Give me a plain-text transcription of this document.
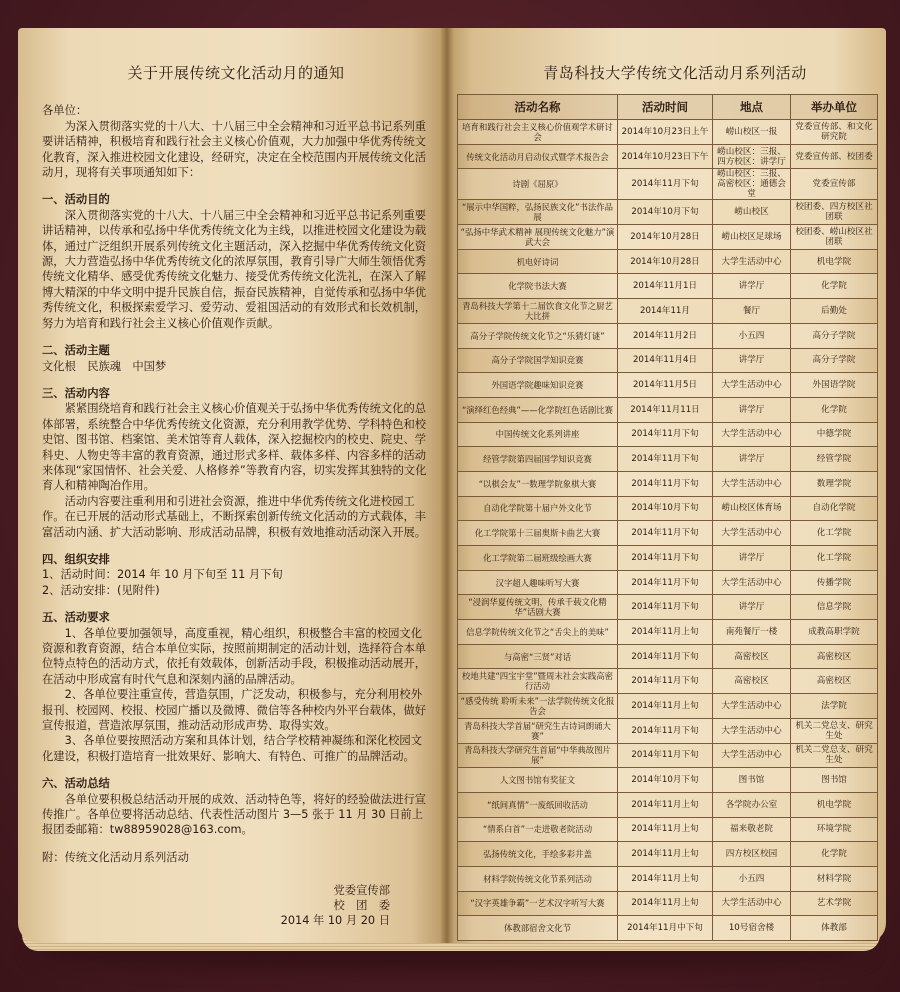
关于开展传统文化活动月的通知

各单位：

为深入贯彻落实党的十八大、十八届三中全会精神和习近平总书记系列重要讲话精神，积极培育和践行社会主义核心价值观，大力加强中华优秀传统文化教育，深入推进校园文化建设，经研究，决定在全校范围内开展传统文化活动月，现将有关事项通知如下：

一、活动目的

深入贯彻落实党的十八大、十八届三中全会精神和习近平总书记系列重要讲话精神，以传承和弘扬中华优秀传统文化为主线，以推进校园文化建设为载体，通过广泛组织开展系列传统文化主题活动，深入挖掘中华优秀传统文化资源，大力营造弘扬中华优秀传统文化的浓厚氛围，教育引导广大师生领悟优秀传统文化精华、感受优秀传统文化魅力、接受优秀传统文化洗礼，在深入了解博大精深的中华文明中提升民族自信，振奋民族精神，自觉传承和弘扬中华优秀传统文化，积极探索爱学习、爱劳动、爱祖国活动的有效形式和长效机制，努力为培育和践行社会主义核心价值观作贡献。

二、活动主题

文化根　民族魂　中国梦

三、活动内容

紧紧围绕培育和践行社会主义核心价值观关于弘扬中华优秀传统文化的总体部署，系统整合中华优秀传统文化资源，充分利用教学优势、学科特色和校史馆、图书馆、档案馆、美术馆等育人载体，深入挖掘校内的校史、院史、学科史、人物史等丰富的教育资源，通过形式多样、载体多样、内容多样的活动来体现“家国情怀、社会关爱、人格修养”等教育内容，切实发挥其独特的文化育人和精神陶冶作用。

活动内容要注重利用和引进社会资源，推进中华优秀传统文化进校园工作。在已开展的活动形式基础上，不断探索创新传统文化活动的方式载体，丰富活动内涵、扩大活动影响、形成活动品牌，积极有效地推动活动深入开展。

四、组织安排

1、活动时间：2014 年 10 月下旬至 11 月下旬

2、活动安排：(见附件)

五、活动要求

1、各单位要加强领导，高度重视，精心组织，积极整合丰富的校园文化资源和教育资源，结合本单位实际，按照前期制定的活动计划，选择符合本单位特点特色的活动方式，依托有效载体，创新活动手段，积极推动活动展开，在活动中形成富有时代气息和深刻内涵的品牌活动。

2、各单位要注重宣传，营造氛围，广泛发动，积极参与，充分利用校外报刊、校园网、校报、校园广播以及微博、微信等各种校内外平台载体，做好宣传报道，营造浓厚氛围，推动活动形成声势、取得实效。

3、各单位要按照活动方案和具体计划，结合学校精神凝练和深化校园文化建设，积极打造培育一批效果好、影响大、有特色、可推广的品牌活动。

六、活动总结

各单位要积极总结活动开展的成效、活动特色等，将好的经验做法进行宣传推广。各单位要将活动总结、代表性活动图片 3—5 张于 11 月 30 日前上报团委邮箱：tw88959028@163.com。

附：传统文化活动月系列活动

党委宣传部
校　团　委
2014 年 10 月 20 日
青岛科技大学传统文化活动月系列活动
活动名称	活动时间	地点	举办单位
培育和践行社会主义核心价值观学术研讨会	2014年10月23日上午	崂山校区一报	党委宣传部、和文化研究院
传统文化活动月启动仪式暨学术报告会	2014年10月23日下午	崂山校区：三报、四方校区：讲学厅	党委宣传部、校团委
诗剧《屈原》	2014年11月下旬	崂山校区：三报、高密校区：通德会堂	党委宣传部
“展示中华国粹，弘扬民族文化”书法作品展	2014年10月下旬	崂山校区	校团委、四方校区社团联
“弘扬中华武术精神 展现传统文化魅力”演武大会	2014年10月28日	崂山校区足球场	校团委、崂山校区社团联
机电好诗词	2014年10月28日	大学生活动中心	机电学院
化学院书法大赛	2014年11月1日	讲学厅	化学院
青岛科技大学第十二届饮食文化节之厨艺大比拼	2014年11月	餐厅	后勤处
高分子学院传统文化节之“乐猜灯谜”	2014年11月2日	小五四	高分子学院
高分子学院国学知识竞赛	2014年11月4日	讲学厅	高分子学院
外国语学院趣味知识竞赛	2014年11月5日	大学生活动中心	外国语学院
“演绎红色经典”——化学院红色话剧比赛	2014年11月11日	讲学厅	化学院
中国传统文化系列讲座	2014年11月下旬	大学生活动中心	中德学院
经管学院第四届国学知识竞赛	2014年11月下旬	讲学厅	经管学院
“以棋会友”一数理学院象棋大赛	2014年11月下旬	大学生活动中心	数理学院
自动化学院第十届户外文化节	2014年10月下旬	崂山校区体育场	自动化学院
化工学院第十三届奥斯卡曲艺大赛	2014年11月下旬	大学生活动中心	化工学院
化工学院第二届班级绘画大赛	2014年11月下旬	讲学厅	化工学院
汉字超人趣味听写大赛	2014年11月下旬	大学生活动中心	传播学院
“浸润华夏传统文明，传承千载文化精华”话剧大赛	2014年11月下旬	讲学厅	信息学院
信息学院传统文化节之“舌尖上的美味”	2014年11月上旬	南苑餐厅一楼	成教高职学院
与高密“三贤”对话	2014年11月下旬	高密校区	高密校区
校地共建“四宝宇堂”暨周末社会实践高密行活动	2014年11月下旬	高密校区	高密校区
“感受传统 聆听未来”一法学院传统文化报告会	2014年11月上旬	大学生活动中心	法学院
青岛科技大学首届“研究生古诗词朗诵大赛”	2014年11月下旬	大学生活动中心	机关二党总支、研究生处
青岛科技大学研究生首届“中华典故图片展”	2014年11月下旬	大学生活动中心	机关二党总支、研究生处
人文图书馆有奖征文	2014年10月下旬	图书馆	图书馆
“纸间真情”一废纸回收活动	2014年11月上旬	各学院办公室	机电学院
“情系白首”一走进敬老院活动	2014年11月上旬	福来敬老院	环境学院
弘扬传统文化，手绘多彩井盖	2014年11月上旬	四方校区校园	化学院
材料学院传统文化节系列活动	2014年11月上旬	小五四	材料学院
“汉字英雄争霸”一艺术汉字听写大赛	2014年11月上旬	大学生活动中心	艺术学院
体教部宿舍文化节	2014年11月中下旬	10号宿舍楼	体教部
